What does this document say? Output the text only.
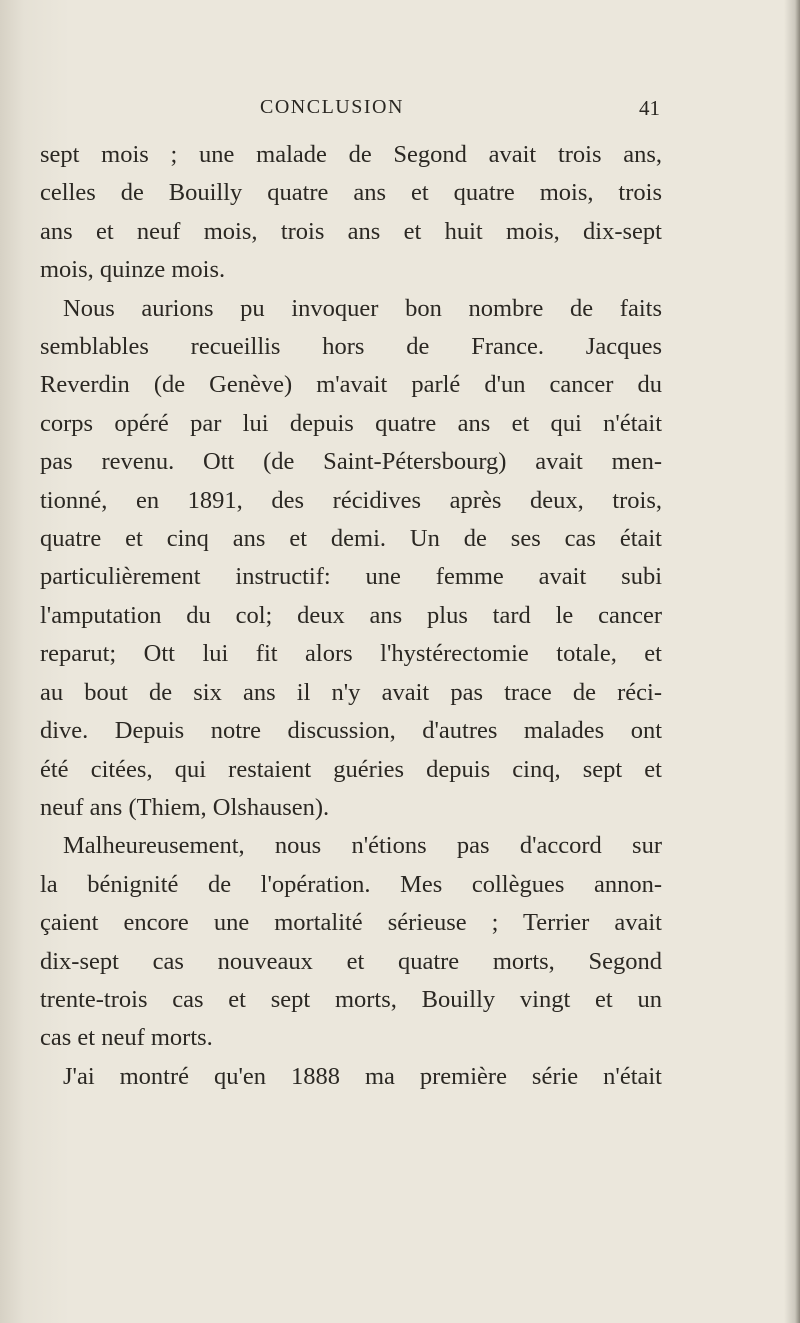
CONCLUSION	41

sept mois ; une malade de Segond avait trois ans,
celles de Bouilly quatre ans et quatre mois, trois
ans et neuf mois, trois ans et huit mois, dix-sept
mois, quinze mois.

Nous aurions pu invoquer bon nombre de faits
semblables recueillis hors de France. Jacques
Reverdin (de Genève) m'avait parlé d'un cancer du
corps opéré par lui depuis quatre ans et qui n'était
pas revenu. Ott (de Saint-Pétersbourg) avait men-
tionné, en 1891, des récidives après deux, trois,
quatre et cinq ans et demi. Un de ses cas était
particulièrement instructif: une femme avait subi
l'amputation du col; deux ans plus tard le cancer
reparut; Ott lui fit alors l'hystérectomie totale, et
au bout de six ans il n'y avait pas trace de réci-
dive. Depuis notre discussion, d'autres malades ont
été citées, qui restaient guéries depuis cinq, sept et
neuf ans (Thiem, Olshausen).

Malheureusement, nous n'étions pas d'accord sur
la bénignité de l'opération. Mes collègues annon-
çaient encore une mortalité sérieuse ; Terrier avait
dix-sept cas nouveaux et quatre morts, Segond
trente-trois cas et sept morts, Bouilly vingt et un
cas et neuf morts.

J'ai montré qu'en 1888 ma première série n'était
